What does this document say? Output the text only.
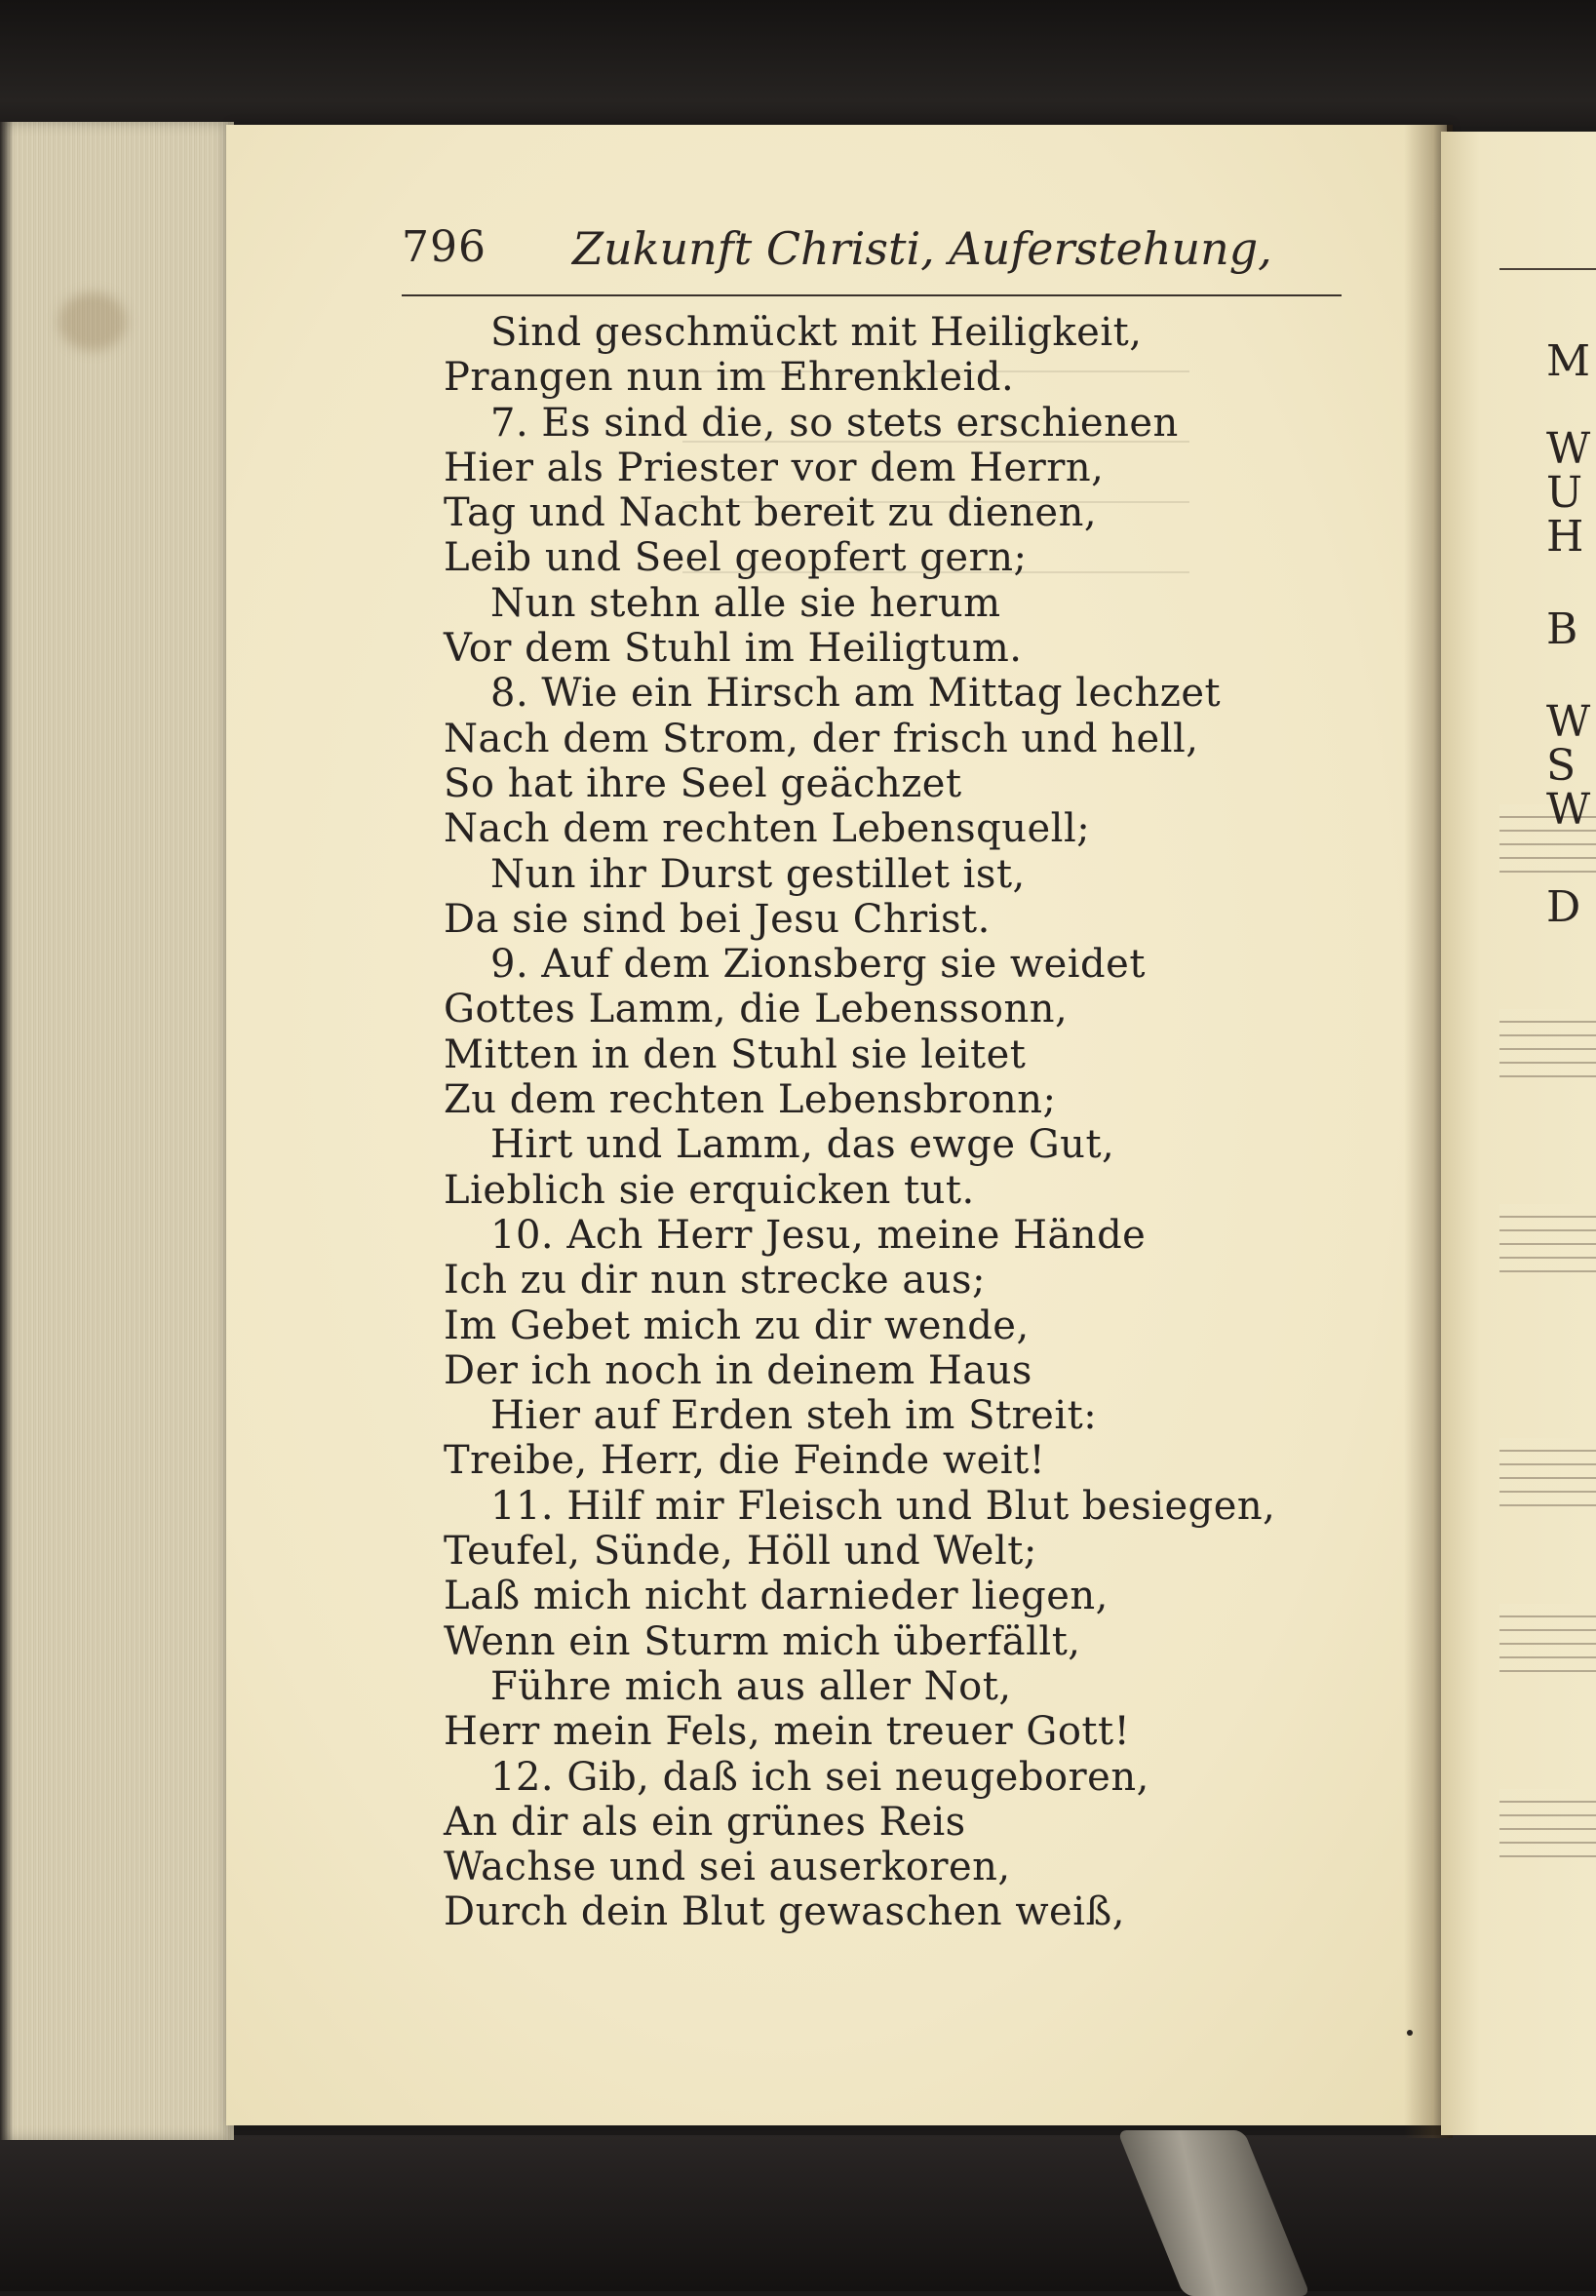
M
W
U
H
B
W
S
W
D
796 Zukunft Christi, Auferstehung,
Sind geschmückt mit Heiligkeit,
Prangen nun im Ehrenkleid.
7. Es sind die, so stets erschienen
Hier als Priester vor dem Herrn,
Tag und Nacht bereit zu dienen,
Leib und Seel geopfert gern;
Nun stehn alle sie herum
Vor dem Stuhl im Heiligtum.
8. Wie ein Hirsch am Mittag lechzet
Nach dem Strom, der frisch und hell,
So hat ihre Seel geächzet
Nach dem rechten Lebensquell;
Nun ihr Durst gestillet ist,
Da sie sind bei Jesu Christ.
9. Auf dem Zionsberg sie weidet
Gottes Lamm, die Lebenssonn,
Mitten in den Stuhl sie leitet
Zu dem rechten Lebensbronn;
Hirt und Lamm, das ewge Gut,
Lieblich sie erquicken tut.
10. Ach Herr Jesu, meine Hände
Ich zu dir nun strecke aus;
Im Gebet mich zu dir wende,
Der ich noch in deinem Haus
Hier auf Erden steh im Streit:
Treibe, Herr, die Feinde weit!
11. Hilf mir Fleisch und Blut besiegen,
Teufel, Sünde, Höll und Welt;
Laß mich nicht darnieder liegen,
Wenn ein Sturm mich überfällt,
Führe mich aus aller Not,
Herr mein Fels, mein treuer Gott!
12. Gib, daß ich sei neugeboren,
An dir als ein grünes Reis
Wachse und sei auserkoren,
Durch dein Blut gewaschen weiß,
